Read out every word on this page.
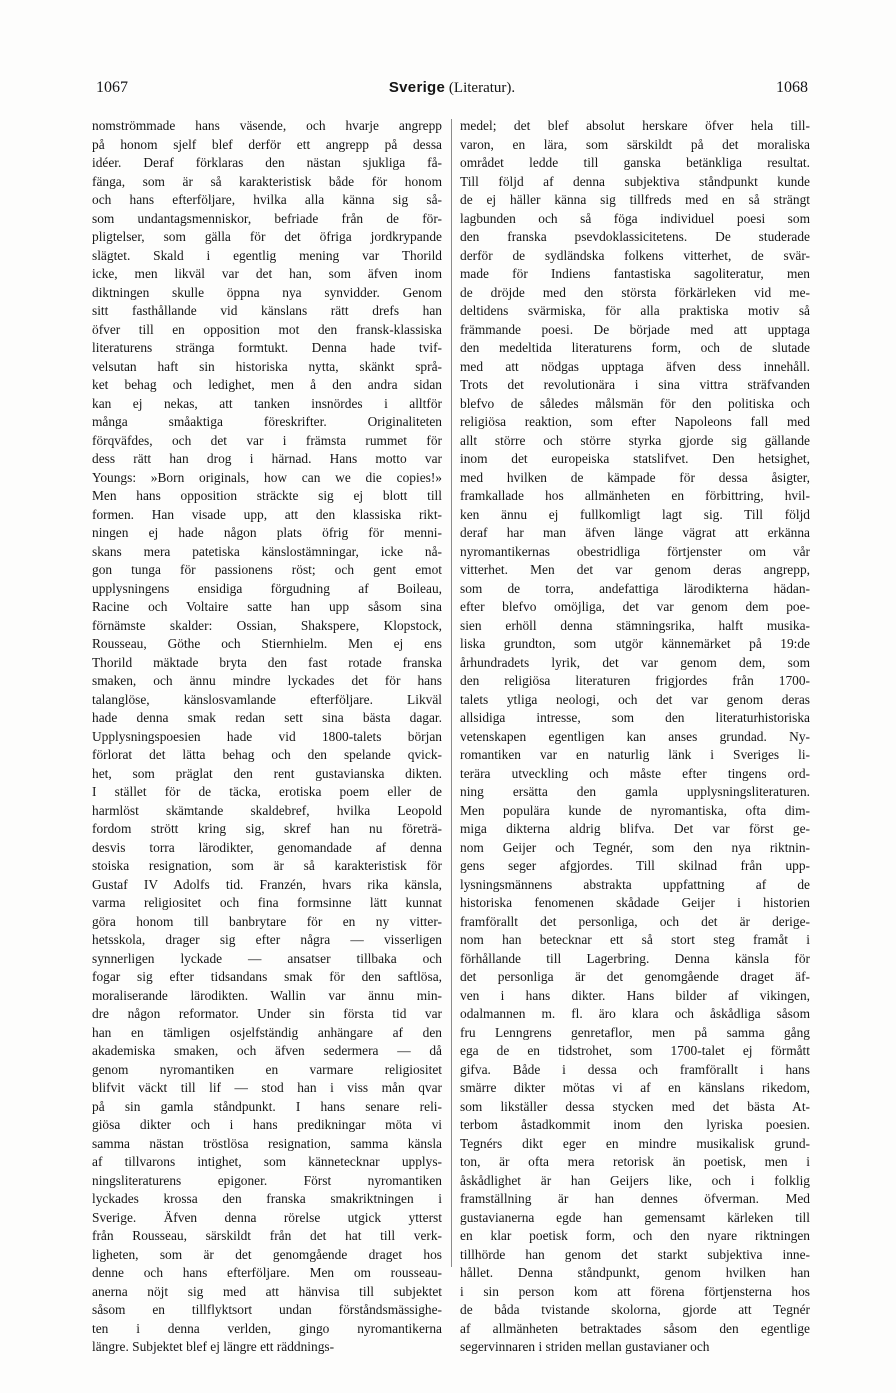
1067	Sverige (Literatur).	1068
nomströmmade hans väsende, och hvarje angrepp
på honom sjelf blef derför ett angrepp på dessa
idéer. Deraf förklaras den nästan sjukliga få-
fänga, som är så karakteristisk både för honom
och hans efterföljare, hvilka alla känna sig så-
som undantagsmenniskor, befriade från de för-
pligtelser, som gälla för det öfriga jordkrypande
slägtet. Skald i egentlig mening var Thorild
icke, men likväl var det han, som äfven inom
diktningen skulle öppna nya synvidder. Genom
sitt fasthållande vid känslans rätt drefs han
öfver till en opposition mot den fransk-klassiska
literaturens stränga formtukt. Denna hade tvif-
velsutan haft sin historiska nytta, skänkt språ-
ket behag och ledighet, men å den andra sidan
kan ej nekas, att tanken insnördes i alltför
många småaktiga föreskrifter. Originaliteten
förqväfdes, och det var i främsta rummet för
dess rätt han drog i härnad. Hans motto var
Youngs: »Born originals, how can we die copies!»
Men hans opposition sträckte sig ej blott till
formen. Han visade upp, att den klassiska rikt-
ningen ej hade någon plats öfrig för menni-
skans mera patetiska känslostämningar, icke nå-
gon tunga för passionens röst; och gent emot
upplysningens ensidiga förgudning af Boileau,
Racine och Voltaire satte han upp såsom sina
förnämste skalder: Ossian, Shakspere, Klopstock,
Rousseau, Göthe och Stiernhielm. Men ej ens
Thorild mäktade bryta den fast rotade franska
smaken, och ännu mindre lyckades det för hans
talanglöse, känslosvamlande efterföljare. Likväl
hade denna smak redan sett sina bästa dagar.
Upplysningspoesien hade vid 1800-talets början
förlorat det lätta behag och den spelande qvick-
het, som präglat den rent gustavianska dikten.
I stället för de täcka, erotiska poem eller de
harmlöst skämtande skaldebref, hvilka Leopold
fordom strött kring sig, skref han nu företrä-
desvis torra lärodikter, genomandade af denna
stoiska resignation, som är så karakteristisk för
Gustaf IV Adolfs tid. Franzén, hvars rika känsla,
varma religiositet och fina formsinne lätt kunnat
göra honom till banbrytare för en ny vitter-
hetsskola, drager sig efter några — visserligen
synnerligen lyckade — ansatser tillbaka och
fogar sig efter tidsandans smak för den saftlösa,
moraliserande lärodikten. Wallin var ännu min-
dre någon reformator. Under sin första tid var
han en tämligen osjelfständig anhängare af den
akademiska smaken, och äfven sedermera — då
genom nyromantiken en varmare religiositet
blifvit väckt till lif — stod han i viss mån qvar
på sin gamla ståndpunkt. I hans senare reli-
giösa dikter och i hans predikningar möta vi
samma nästan tröstlösa resignation, samma känsla
af tillvarons intighet, som kännetecknar upplys-
ningsliteraturens epigoner. Först nyromantiken
lyckades krossa den franska smakriktningen i
Sverige. Äfven denna rörelse utgick ytterst
från Rousseau, särskildt från det hat till verk-
ligheten, som är det genomgående draget hos
denne och hans efterföljare. Men om rousseau-
anerna nöjt sig med att hänvisa till subjektet
såsom en tillflyktsort undan förståndsmässighe-
ten i denna verlden, gingo nyromantikerna
längre. Subjektet blef ej längre ett räddnings-
medel; det blef absolut herskare öfver hela till-
varon, en lära, som särskildt på det moraliska
området ledde till ganska betänkliga resultat.
Till följd af denna subjektiva ståndpunkt kunde
de ej häller känna sig tillfreds med en så strängt
lagbunden och så föga individuel poesi som
den franska psevdoklassicitetens. De studerade
derför de sydländska folkens vitterhet, de svär-
made för Indiens fantastiska sagoliteratur, men
de dröjde med den största förkärleken vid me-
deltidens svärmiska, för alla praktiska motiv så
främmande poesi. De började med att upptaga
den medeltida literaturens form, och de slutade
med att nödgas upptaga äfven dess innehåll.
Trots det revolutionära i sina vittra sträfvanden
blefvo de således målsmän för den politiska och
religiösa reaktion, som efter Napoleons fall med
allt större och större styrka gjorde sig gällande
inom det europeiska statslifvet. Den hetsighet,
med hvilken de kämpade för dessa åsigter,
framkallade hos allmänheten en förbittring, hvil-
ken ännu ej fullkomligt lagt sig. Till följd
deraf har man äfven länge vägrat att erkänna
nyromantikernas obestridliga förtjenster om vår
vitterhet. Men det var genom deras angrepp,
som de torra, andefattiga lärodikterna hädan-
efter blefvo omöjliga, det var genom dem poe-
sien erhöll denna stämningsrika, halft musika-
liska grundton, som utgör kännemärket på 19:de
århundradets lyrik, det var genom dem, som
den religiösa literaturen frigjordes från 1700-
talets ytliga neologi, och det var genom deras
allsidiga intresse, som den literaturhistoriska
vetenskapen egentligen kan anses grundad. Ny-
romantiken var en naturlig länk i Sveriges li-
terära utveckling och måste efter tingens ord-
ning ersätta den gamla upplysningsliteraturen.
Men populära kunde de nyromantiska, ofta dim-
miga dikterna aldrig blifva. Det var först ge-
nom Geijer och Tegnér, som den nya riktnin-
gens seger afgjordes. Till skilnad från upp-
lysningsmännens abstrakta uppfattning af de
historiska fenomenen skådade Geijer i historien
framförallt det personliga, och det är derige-
nom han betecknar ett så stort steg framåt i
förhållande till Lagerbring. Denna känsla för
det personliga är det genomgående draget äf-
ven i hans dikter. Hans bilder af vikingen,
odalmannen m. fl. äro klara och åskådliga såsom
fru Lenngrens genretaflor, men på samma gång
ega de en tidstrohet, som 1700-talet ej förmått
gifva. Både i dessa och framförallt i hans
smärre dikter mötas vi af en känslans rikedom,
som likställer dessa stycken med det bästa At-
terbom åstadkommit inom den lyriska poesien.
Tegnérs dikt eger en mindre musikalisk grund-
ton, är ofta mera retorisk än poetisk, men i
åskådlighet är han Geijers like, och i folklig
framställning är han dennes öfverman. Med
gustavianerna egde han gemensamt kärleken till
en klar poetisk form, och den nyare riktningen
tillhörde han genom det starkt subjektiva inne-
hållet. Denna ståndpunkt, genom hvilken han
i sin person kom att förena förtjensterna hos
de båda tvistande skolorna, gjorde att Tegnér
af allmänheten betraktades såsom den egentlige
segervinnaren i striden mellan gustavianer och
